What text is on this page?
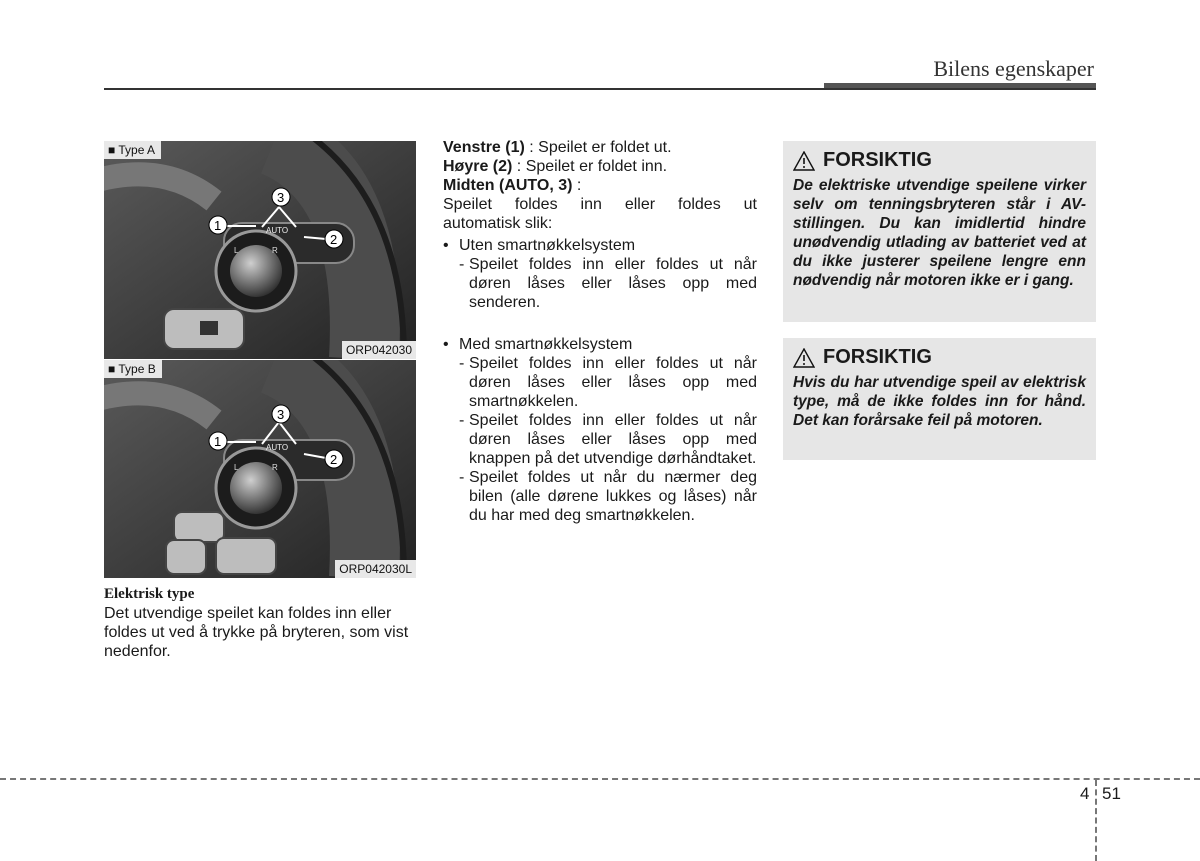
Bilens egenskaper
AUTO
L	R
1
2
3
■ Type A
ORP042030
AUTO
L	R
1
2
3
■ Type B
ORP042030L
Elektrisk type
Det utvendige speilet kan foldes inn eller foldes ut ved å trykke på bryteren, som vist nedenfor.

Venstre (1) : Speilet er foldet ut.

Høyre (2) : Speilet er foldet inn.

Midten (AUTO, 3) :

Speilet foldes inn eller foldes ut

automatisk slik:

• Uten smartnøkkelsystem
- Speilet foldes inn eller foldes ut når døren låses eller låses opp med senderen.
• Med smartnøkkelsystem
- Speilet foldes inn eller foldes ut når døren låses eller låses opp med smartnøkkelen.
- Speilet foldes inn eller foldes ut når døren låses eller låses opp med knappen på det utvendige dørhåndtaket.
- Speilet foldes ut når du nærmer deg bilen (alle dørene lukkes og låses) når du har med deg smartnøkkelen.
FORSIKTIG
De elektriske utvendige speilene virker selv om tenningsbryteren står i AV-stillingen. Du kan imidlertid hindre unødvendig utlading av batteriet ved at du ikke justerer speilene lengre enn nødvendig når motoren ikke er i gang.
FORSIKTIG
Hvis du har utvendige speil av elektrisk type, må de ikke foldes inn for hånd. Det kan forårsake feil på motoren.
4 51
